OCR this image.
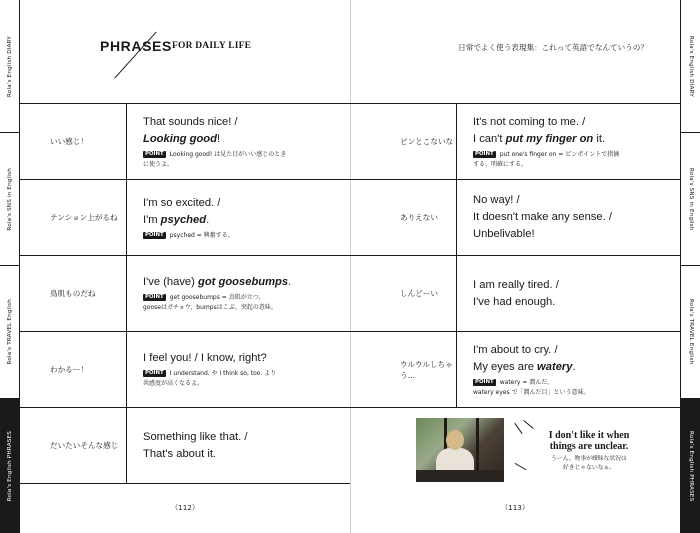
Rola's English DIARY
Rola's SNS in English
Rola's TRAVEL English
Rola's English PHRASES
Rola's English DIARY
Rola's SNS in English
Rola's TRAVEL English
Rola's English PHRASES
PHRASES FOR DAILY LIFE
いい感じ！
That sounds nice! /
Looking good!
POINT Looking good! は見た目がいい感じのとき
に使うよ。
テンション上がるね
I'm so excited. /
I'm psyched.
POINT psyched = 興奮する。
鳥肌ものだね
I've (have) got goosebumps.
POINT get goosebumps = 鳥肌が立つ。
gooseはガチョウ、bumpsはこぶ、突起の意味。
わかるー！
I feel you! / I know, right?
POINT I understand. や I think so, too. より
共感度が高くなるよ。
だいたいそんな感じ
Something like that. /
That's about it.
（112）
日常でよく使う表現集：これって英語でなんていうの？
ピンとこないな
It's not coming to me. /
I can't put my finger on it.
POINT put one's finger on = ピンポイントで指摘
する、明確にする。
ありえない
No way! /
It doesn't make any sense. /
Unbelivable!
しんどーい
I am really tired. /
I've had enough.
ウルウルしちゃう…
I'm about to cry. /
My eyes are watery.
POINT watery = 潤んだ。
watery eyes で「潤んだ目」という意味。
I don't like it when
things are unclear.
うーん、物事が曖昧な状況は
好きじゃないなぁ。
（113）
